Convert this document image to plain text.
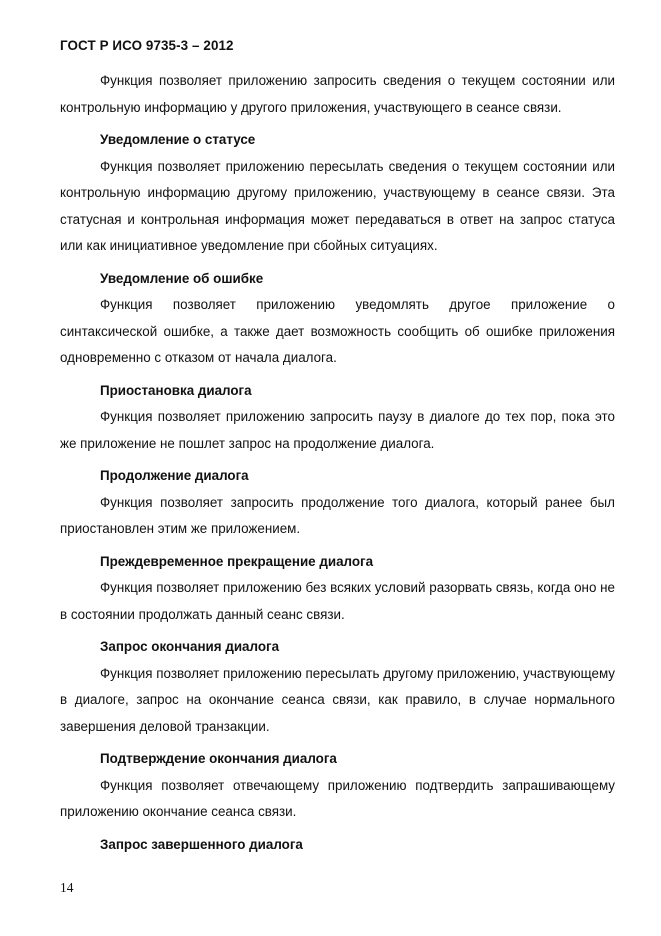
ГОСТ Р ИСО 9735-3 – 2012

Функция позволяет приложению запросить сведения о текущем состоянии или контрольную информацию у другого приложения, участвующего в сеансе связи.

Уведомление о статусе

Функция позволяет приложению пересылать сведения о текущем состоянии или контрольную информацию другому приложению, участвующему в сеансе связи. Эта статусная и контрольная информация может передаваться в ответ на запрос статуса или как инициативное уведомление при сбойных ситуациях.

Уведомление об ошибке

Функция позволяет приложению уведомлять другое приложение о синтаксической ошибке, а также дает возможность сообщить об ошибке приложения одновременно с отказом от начала диалога.

Приостановка диалога

Функция позволяет приложению запросить паузу в диалоге до тех пор, пока это же приложение не пошлет запрос на продолжение диалога.

Продолжение диалога

Функция позволяет запросить продолжение того диалога, который ранее был приостановлен этим же приложением.

Преждевременное прекращение диалога

Функция позволяет приложению без всяких условий разорвать связь, когда оно не в состоянии продолжать данный сеанс связи.

Запрос окончания диалога

Функция позволяет приложению пересылать другому приложению, участвующему в диалоге, запрос на окончание сеанса связи, как правило, в случае нормального завершения деловой транзакции.

Подтверждение окончания диалога

Функция позволяет отвечающему приложению подтвердить запрашивающему приложению окончание сеанса связи.

Запрос завершенного диалога

14
